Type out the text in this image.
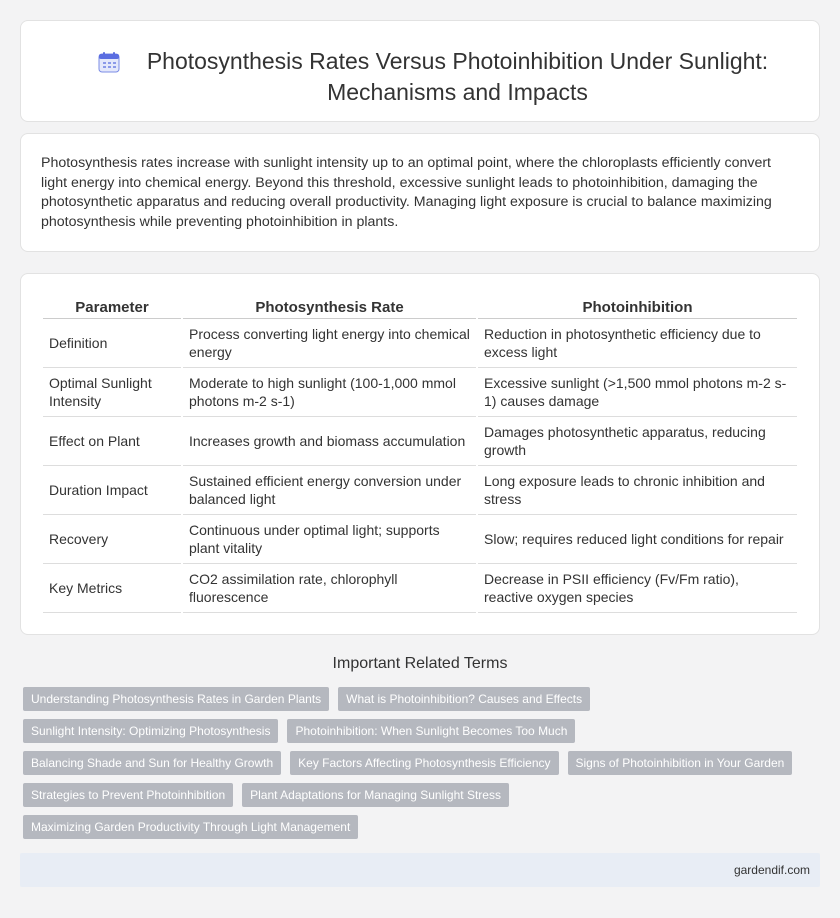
Photosynthesis Rates Versus Photoinhibition Under Sunlight: Mechanisms and Impacts

Photosynthesis rates increase with sunlight intensity up to an optimal point, where the chloroplasts efficiently convert light energy into chemical energy. Beyond this threshold, excessive sunlight leads to photoinhibition, damaging the photosynthetic apparatus and reducing overall productivity. Managing light exposure is crucial to balance maximizing photosynthesis while preventing photoinhibition in plants.

Parameter	Photosynthesis Rate	Photoinhibition
Definition	Process converting light energy into chemical energy	Reduction in photosynthetic efficiency due to excess light
Optimal Sunlight Intensity	Moderate to high sunlight (100-1,000 mmol photons m-2 s-1)	Excessive sunlight (>1,500 mmol photons m-2 s-1) causes damage
Effect on Plant	Increases growth and biomass accumulation	Damages photosynthetic apparatus, reducing growth
Duration Impact	Sustained efficient energy conversion under balanced light	Long exposure leads to chronic inhibition and stress
Recovery	Continuous under optimal light; supports plant vitality	Slow; requires reduced light conditions for repair
Key Metrics	CO2 assimilation rate, chlorophyll fluorescence	Decrease in PSII efficiency (Fv/Fm ratio), reactive oxygen species
Important Related Terms
Understanding Photosynthesis Rates in Garden Plants	What is Photoinhibition? Causes and Effects
Sunlight Intensity: Optimizing Photosynthesis	Photoinhibition: When Sunlight Becomes Too Much
Balancing Shade and Sun for Healthy Growth	Key Factors Affecting Photosynthesis Efficiency	Signs of Photoinhibition in Your Garden
Strategies to Prevent Photoinhibition	Plant Adaptations for Managing Sunlight Stress
Maximizing Garden Productivity Through Light Management
gardendif.com
